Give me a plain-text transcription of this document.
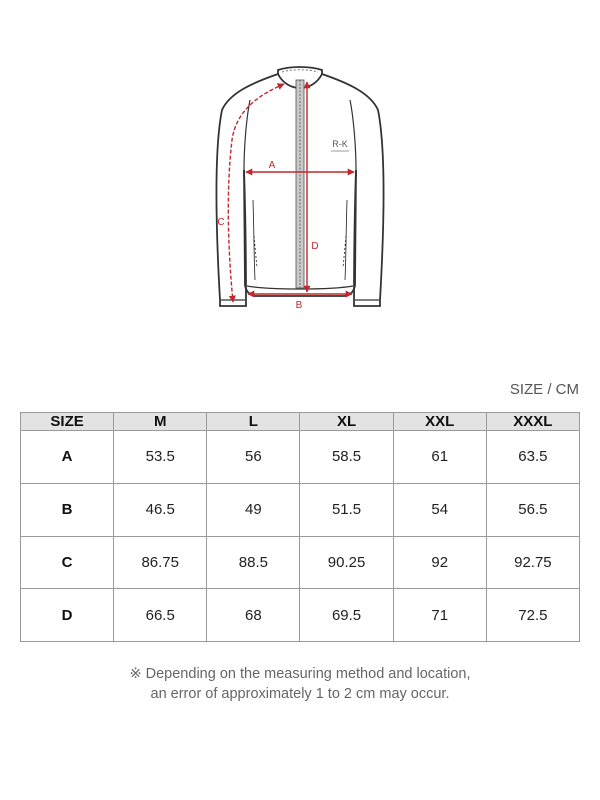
R-K
A
B
C
D
SIZE / CM
SIZE	M	L	XL	XXL	XXXL
A	53.5	56	58.5	61	63.5
B	46.5	49	51.5	54	56.5
C	86.75	88.5	90.25	92	92.75
D	66.5	68	69.5	71	72.5

※ Depending on the measuring method and location,

an error of approximately 1 to 2 cm may occur.
